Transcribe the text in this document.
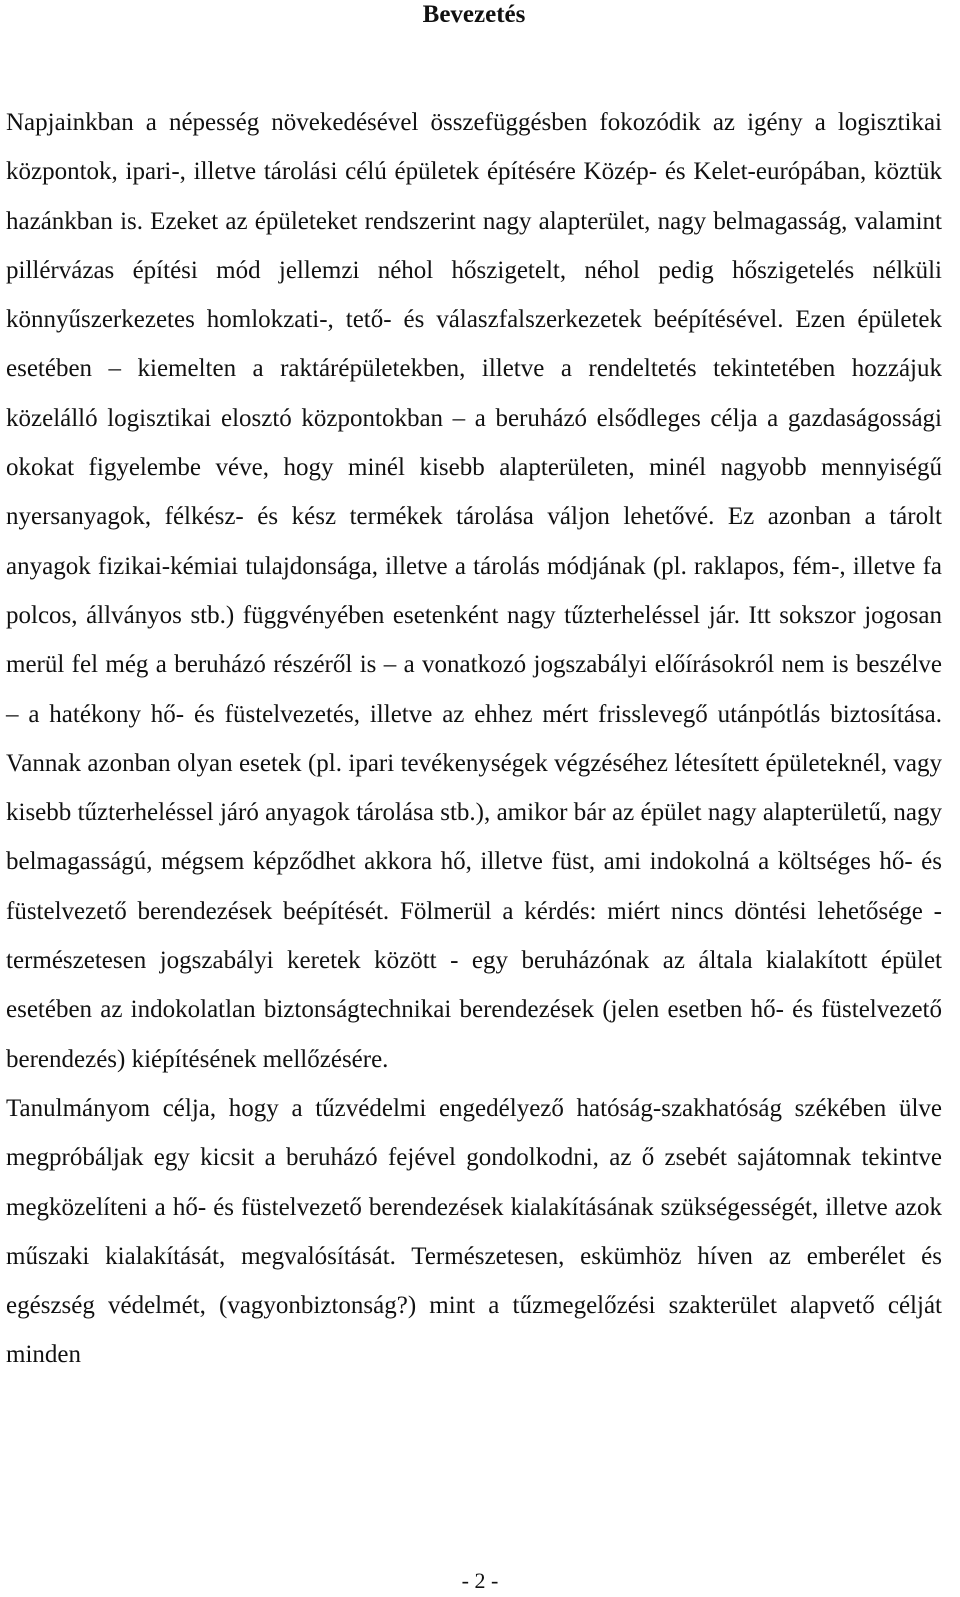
Bevezetés

Napjainkban a népesség növekedésével összefüggésben fokozódik az igény a logisztikai központok, ipari-, illetve tárolási célú épületek építésére Közép- és Kelet-európában, köztük hazánkban is. Ezeket az épületeket rendszerint nagy alapterület, nagy belmagasság, valamint pillérvázas építési mód jellemzi néhol hőszigetelt, néhol pedig hőszigetelés nélküli könnyűszerkezetes homlokzati-, tető- és válaszfalszerkezetek beépítésével. Ezen épületek esetében – kiemelten a raktárépületekben, illetve a rendeltetés tekintetében hozzájuk közelálló logisztikai elosztó központokban – a beruházó elsődleges célja a gazdaságossági okokat figyelembe véve, hogy minél kisebb alapterületen, minél nagyobb mennyiségű nyersanyagok, félkész- és kész termékek tárolása váljon lehetővé. Ez azonban a tárolt anyagok fizikai-kémiai tulajdonsága, illetve a tárolás módjának (pl. raklapos, fém-, illetve fa polcos, állványos stb.) függvényében esetenként nagy tűzterheléssel jár. Itt sokszor jogosan merül fel még a beruházó részéről is – a vonatkozó jogszabályi előírásokról nem is beszélve – a hatékony hő- és füstelvezetés, illetve az ehhez mért frisslevegő utánpótlás biztosítása. Vannak azonban olyan esetek (pl. ipari tevékenységek végzéséhez létesített épületeknél, vagy kisebb tűzterheléssel járó anyagok tárolása stb.), amikor bár az épület nagy alapterületű, nagy belmagasságú, mégsem képződhet akkora hő, illetve füst, ami indokolná a költséges hő- és füstelvezető berendezések beépítését. Fölmerül a kérdés: miért nincs döntési lehetősége - természetesen jogszabályi keretek között - egy beruházónak az általa kialakított épület esetében az indokolatlan biztonságtechnikai berendezések (jelen esetben hő- és füstelvezető berendezés) kiépítésének mellőzésére.

Tanulmányom célja, hogy a tűzvédelmi engedélyező hatóság-szakhatóság székében ülve megpróbáljak egy kicsit a beruházó fejével gondolkodni, az ő zsebét sajátomnak tekintve megközelíteni a hő- és füstelvezető berendezések kialakításának szükségességét, illetve azok műszaki kialakítását, megvalósítását. Természetesen, eskümhöz híven az emberélet és egészség védelmét, (vagyonbiztonság?) mint a tűzmegelőzési szakterület alapvető célját minden

- 2 -
